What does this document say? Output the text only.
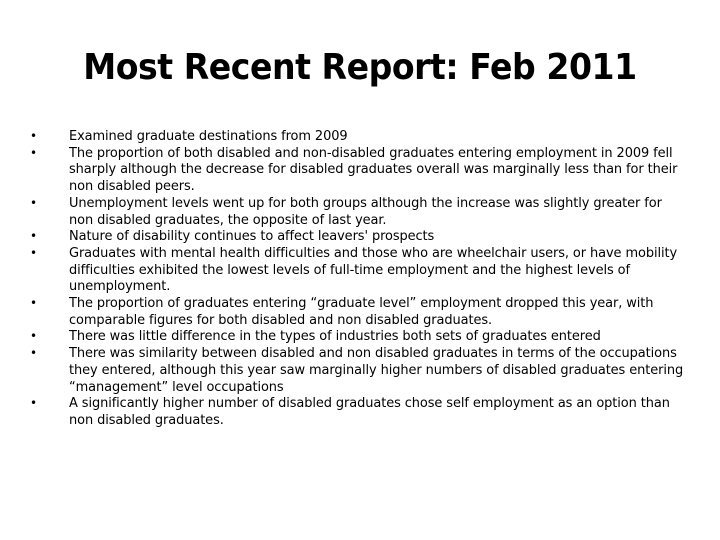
Most Recent Report: Feb 2011
• Examined graduate destinations from 2009
• The proportion of both disabled and non-disabled graduates entering employment in 2009 fell sharply although the decrease for disabled graduates overall was marginally less than for their non disabled peers.
• Unemployment levels went up for both groups although the increase was slightly greater for non disabled graduates, the opposite of last year.
• Nature of disability continues to affect leavers' prospects
• Graduates with mental health difficulties and those who are wheelchair users, or have mobility difficulties exhibited the lowest levels of full-time employment and the highest levels of unemployment.
• The proportion of graduates entering “graduate level” employment dropped this year, with comparable figures for both disabled and non disabled graduates.
• There was little difference in the types of industries both sets of graduates entered
• There was similarity between disabled and non disabled graduates in terms of the occupations they entered, although this year saw marginally higher numbers of disabled graduates entering “management” level occupations
• A significantly higher number of disabled graduates chose self employment as an option than non disabled graduates.
